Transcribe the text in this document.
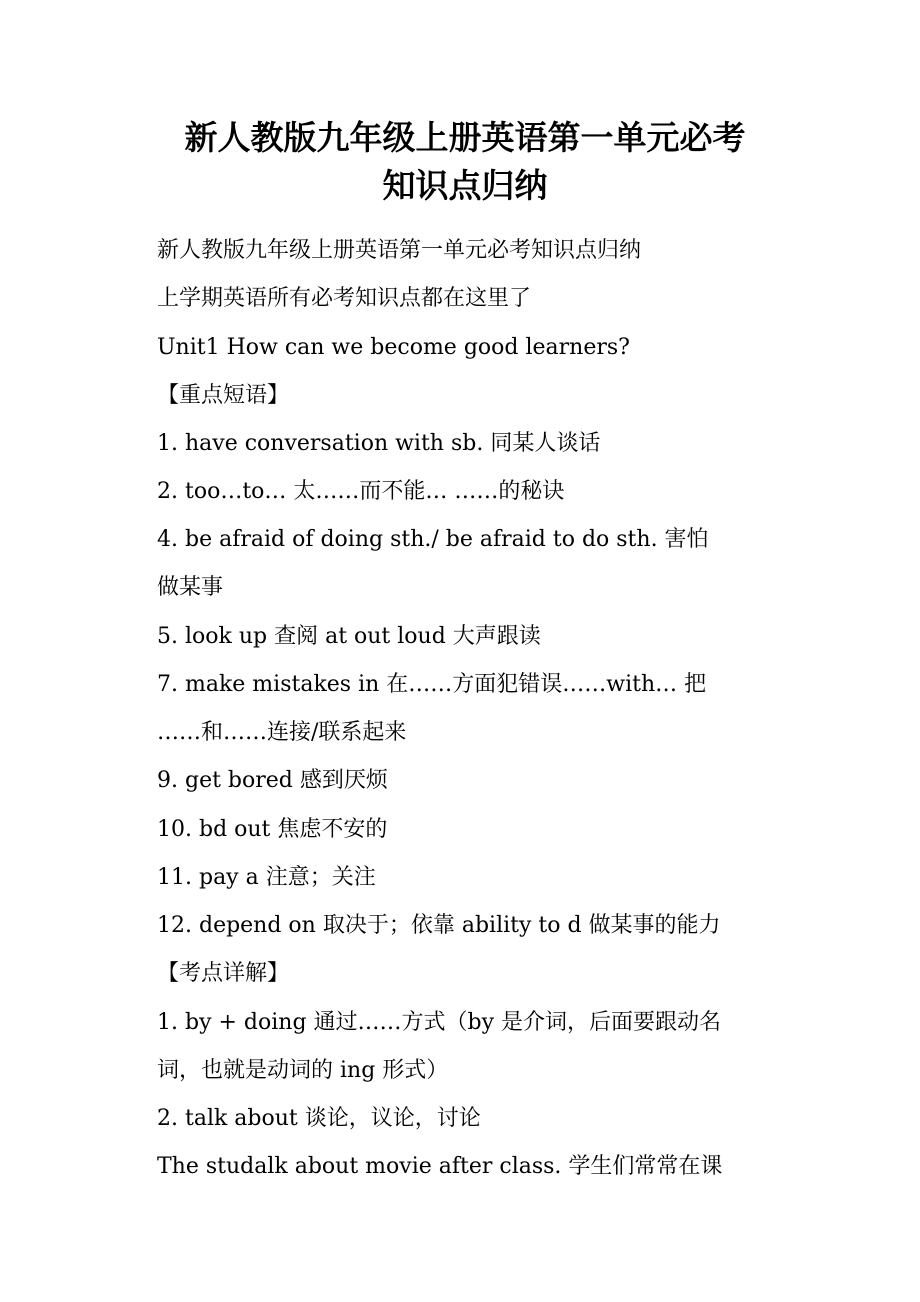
新人教版九年级上册英语第一单元必考
知识点归纳
新人教版九年级上册英语第一单元必考知识点归纳
上学期英语所有必考知识点都在这里了
Unit1 How can we become good learners?
【重点短语】
1. have conversation with sb. 同某人谈话
2. too…to… 太……而不能… ……的秘诀
4. be afraid of doing sth./ be afraid to do sth. 害怕
做某事
5. look up 查阅 at out loud 大声跟读
7. make mistakes in 在……方面犯错误……with… 把
……和……连接/联系起来
9. get bored 感到厌烦
10. bd out 焦虑不安的
11. pay a 注意；关注
12. depend on 取决于；依靠 ability to d 做某事的能力
【考点详解】
1. by + doing 通过……方式（by 是介词，后面要跟动名
词，也就是动词的 ing 形式）
2. talk about 谈论，议论，讨论
The studalk about movie after class. 学生们常常在课
